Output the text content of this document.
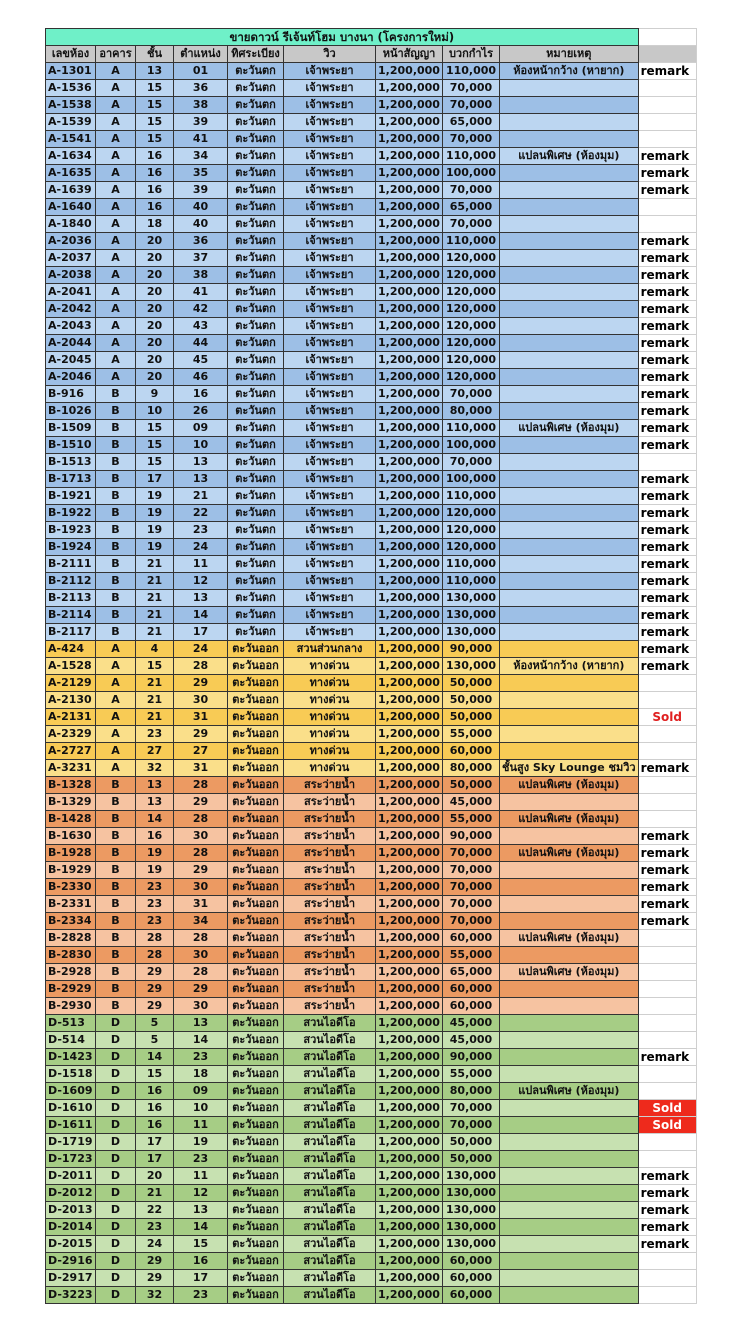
ขายดาวน์ รีเจ้นท์โฮม บางนา (โครงการใหม่)									
เลขห้อง	อาคาร	ชั้น	ตำแหน่ง	ทิศระเบียง	วิว	หน้าสัญญา	บวกกำไร	หมายเหตุ	
A-1301	A	13	01	ตะวันตก	เจ้าพระยา	1,200,000	110,000	ห้องหน้ากว้าง (หายาก)	remark
A-1536	A	15	36	ตะวันตก	เจ้าพระยา	1,200,000	70,000		
A-1538	A	15	38	ตะวันตก	เจ้าพระยา	1,200,000	70,000		
A-1539	A	15	39	ตะวันตก	เจ้าพระยา	1,200,000	65,000		
A-1541	A	15	41	ตะวันตก	เจ้าพระยา	1,200,000	70,000		
A-1634	A	16	34	ตะวันตก	เจ้าพระยา	1,200,000	110,000	แปลนพิเศษ (ห้องมุม)	remark
A-1635	A	16	35	ตะวันตก	เจ้าพระยา	1,200,000	100,000		remark
A-1639	A	16	39	ตะวันตก	เจ้าพระยา	1,200,000	70,000		remark
A-1640	A	16	40	ตะวันตก	เจ้าพระยา	1,200,000	65,000		
A-1840	A	18	40	ตะวันตก	เจ้าพระยา	1,200,000	70,000		
A-2036	A	20	36	ตะวันตก	เจ้าพระยา	1,200,000	110,000		remark
A-2037	A	20	37	ตะวันตก	เจ้าพระยา	1,200,000	120,000		remark
A-2038	A	20	38	ตะวันตก	เจ้าพระยา	1,200,000	120,000		remark
A-2041	A	20	41	ตะวันตก	เจ้าพระยา	1,200,000	120,000		remark
A-2042	A	20	42	ตะวันตก	เจ้าพระยา	1,200,000	120,000		remark
A-2043	A	20	43	ตะวันตก	เจ้าพระยา	1,200,000	120,000		remark
A-2044	A	20	44	ตะวันตก	เจ้าพระยา	1,200,000	120,000		remark
A-2045	A	20	45	ตะวันตก	เจ้าพระยา	1,200,000	120,000		remark
A-2046	A	20	46	ตะวันตก	เจ้าพระยา	1,200,000	120,000		remark
B-916	B	9	16	ตะวันตก	เจ้าพระยา	1,200,000	70,000		remark
B-1026	B	10	26	ตะวันตก	เจ้าพระยา	1,200,000	80,000		remark
B-1509	B	15	09	ตะวันตก	เจ้าพระยา	1,200,000	110,000	แปลนพิเศษ (ห้องมุม)	remark
B-1510	B	15	10	ตะวันตก	เจ้าพระยา	1,200,000	100,000		remark
B-1513	B	15	13	ตะวันตก	เจ้าพระยา	1,200,000	70,000		
B-1713	B	17	13	ตะวันตก	เจ้าพระยา	1,200,000	100,000		remark
B-1921	B	19	21	ตะวันตก	เจ้าพระยา	1,200,000	110,000		remark
B-1922	B	19	22	ตะวันตก	เจ้าพระยา	1,200,000	120,000		remark
B-1923	B	19	23	ตะวันตก	เจ้าพระยา	1,200,000	120,000		remark
B-1924	B	19	24	ตะวันตก	เจ้าพระยา	1,200,000	120,000		remark
B-2111	B	21	11	ตะวันตก	เจ้าพระยา	1,200,000	110,000		remark
B-2112	B	21	12	ตะวันตก	เจ้าพระยา	1,200,000	110,000		remark
B-2113	B	21	13	ตะวันตก	เจ้าพระยา	1,200,000	130,000		remark
B-2114	B	21	14	ตะวันตก	เจ้าพระยา	1,200,000	130,000		remark
B-2117	B	21	17	ตะวันตก	เจ้าพระยา	1,200,000	130,000		remark
A-424	A	4	24	ตะวันออก	สวนส่วนกลาง	1,200,000	90,000		remark
A-1528	A	15	28	ตะวันออก	ทางด่วน	1,200,000	130,000	ห้องหน้ากว้าง (หายาก)	remark
A-2129	A	21	29	ตะวันออก	ทางด่วน	1,200,000	50,000		
A-2130	A	21	30	ตะวันออก	ทางด่วน	1,200,000	50,000		
A-2131	A	21	31	ตะวันออก	ทางด่วน	1,200,000	50,000		Sold
A-2329	A	23	29	ตะวันออก	ทางด่วน	1,200,000	55,000		
A-2727	A	27	27	ตะวันออก	ทางด่วน	1,200,000	60,000		
A-3231	A	32	31	ตะวันออก	ทางด่วน	1,200,000	80,000	ชั้นสูง Sky Lounge ชมวิว	remark
B-1328	B	13	28	ตะวันออก	สระว่ายน้ำ	1,200,000	50,000	แปลนพิเศษ (ห้องมุม)	
B-1329	B	13	29	ตะวันออก	สระว่ายน้ำ	1,200,000	45,000		
B-1428	B	14	28	ตะวันออก	สระว่ายน้ำ	1,200,000	55,000	แปลนพิเศษ (ห้องมุม)	
B-1630	B	16	30	ตะวันออก	สระว่ายน้ำ	1,200,000	90,000		remark
B-1928	B	19	28	ตะวันออก	สระว่ายน้ำ	1,200,000	70,000	แปลนพิเศษ (ห้องมุม)	remark
B-1929	B	19	29	ตะวันออก	สระว่ายน้ำ	1,200,000	70,000		remark
B-2330	B	23	30	ตะวันออก	สระว่ายน้ำ	1,200,000	70,000		remark
B-2331	B	23	31	ตะวันออก	สระว่ายน้ำ	1,200,000	70,000		remark
B-2334	B	23	34	ตะวันออก	สระว่ายน้ำ	1,200,000	70,000		remark
B-2828	B	28	28	ตะวันออก	สระว่ายน้ำ	1,200,000	60,000	แปลนพิเศษ (ห้องมุม)	
B-2830	B	28	30	ตะวันออก	สระว่ายน้ำ	1,200,000	55,000		
B-2928	B	29	28	ตะวันออก	สระว่ายน้ำ	1,200,000	65,000	แปลนพิเศษ (ห้องมุม)	
B-2929	B	29	29	ตะวันออก	สระว่ายน้ำ	1,200,000	60,000		
B-2930	B	29	30	ตะวันออก	สระว่ายน้ำ	1,200,000	60,000		
D-513	D	5	13	ตะวันออก	สวนไอดีโอ	1,200,000	45,000		
D-514	D	5	14	ตะวันออก	สวนไอดีโอ	1,200,000	45,000		
D-1423	D	14	23	ตะวันออก	สวนไอดีโอ	1,200,000	90,000		remark
D-1518	D	15	18	ตะวันออก	สวนไอดีโอ	1,200,000	55,000		
D-1609	D	16	09	ตะวันออก	สวนไอดีโอ	1,200,000	80,000	แปลนพิเศษ (ห้องมุม)	
D-1610	D	16	10	ตะวันออก	สวนไอดีโอ	1,200,000	70,000		Sold
D-1611	D	16	11	ตะวันออก	สวนไอดีโอ	1,200,000	70,000		Sold
D-1719	D	17	19	ตะวันออก	สวนไอดีโอ	1,200,000	50,000		
D-1723	D	17	23	ตะวันออก	สวนไอดีโอ	1,200,000	50,000		
D-2011	D	20	11	ตะวันออก	สวนไอดีโอ	1,200,000	130,000		remark
D-2012	D	21	12	ตะวันออก	สวนไอดีโอ	1,200,000	130,000		remark
D-2013	D	22	13	ตะวันออก	สวนไอดีโอ	1,200,000	130,000		remark
D-2014	D	23	14	ตะวันออก	สวนไอดีโอ	1,200,000	130,000		remark
D-2015	D	24	15	ตะวันออก	สวนไอดีโอ	1,200,000	130,000		remark
D-2916	D	29	16	ตะวันออก	สวนไอดีโอ	1,200,000	60,000		
D-2917	D	29	17	ตะวันออก	สวนไอดีโอ	1,200,000	60,000		
D-3223	D	32	23	ตะวันออก	สวนไอดีโอ	1,200,000	60,000		
